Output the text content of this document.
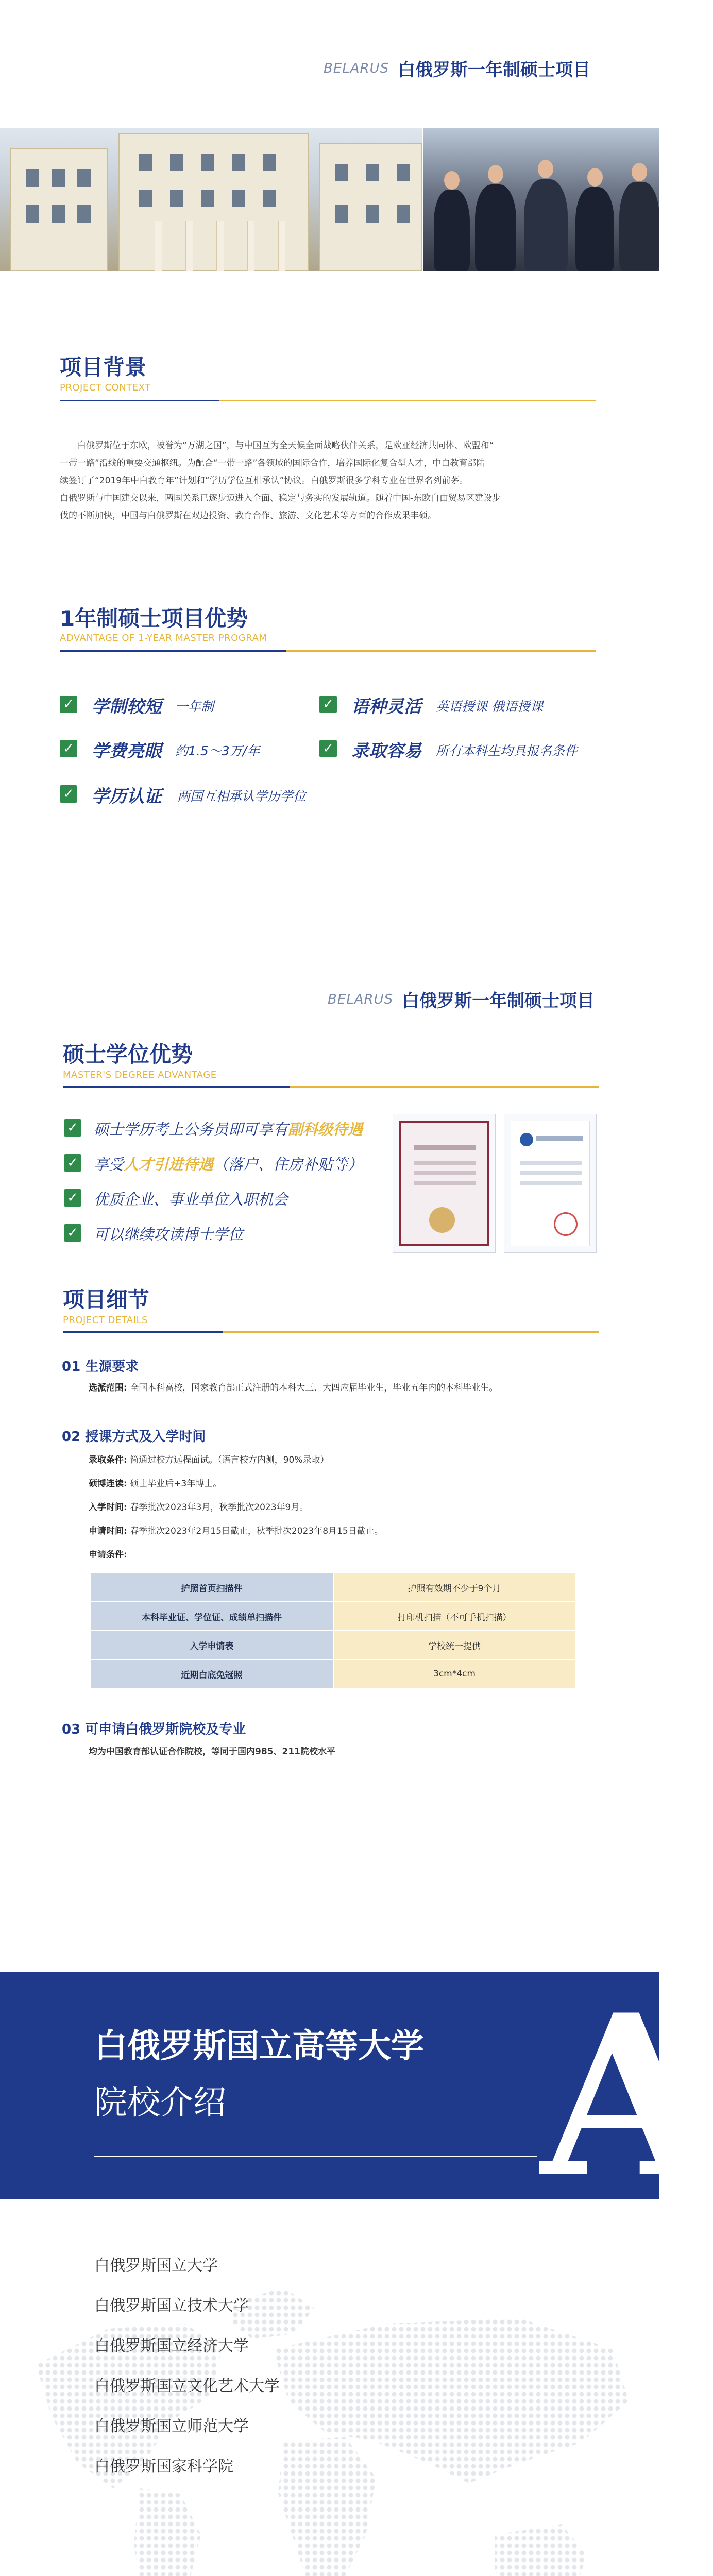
BELARUS 白俄罗斯一年制硕士项目
项目背景
PROJECT CONTEXT
白俄罗斯位于东欧，被誉为“万湖之国”，与中国互为全天候全面战略伙伴关系，是欧亚经济共同体、欧盟和“
一带一路”沿线的重要交通枢纽。为配合“一带一路”各领域的国际合作，培养国际化复合型人才，中白教育部陆
续签订了“2019年中白教育年”计划和“学历学位互相承认”协议。白俄罗斯很多学科专业在世界名列前茅。
白俄罗斯与中国建交以来，两国关系已逐步迈进入全面、稳定与务实的发展轨道。随着中国-东欧自由贸易区建设步
伐的不断加快，中国与白俄罗斯在双边投资、教育合作、旅游、文化艺术等方面的合作成果丰硕。
1年制硕士项目优势
ADVANTAGE OF 1-YEAR MASTER PROGRAM
✓ 学制较短 一年制	✓ 语种灵活 英语授课 俄语授课
✓ 学费亮眼 约1.5～3万/年	✓ 录取容易 所有本科生均具报名条件
✓ 学历认证 两国互相承认学历学位
BELARUS 白俄罗斯一年制硕士项目
硕士学位优势
MASTER'S DEGREE ADVANTAGE
✓ 硕士学历考上公务员即可享有副科级待遇
✓ 享受人才引进待遇（落户、住房补贴等）
✓ 优质企业、事业单位入职机会
✓ 可以继续攻读博士学位
项目细节
PROJECT DETAILS
01 生源要求
选派范围: 全国本科高校，国家教育部正式注册的本科大三、大四应届毕业生，毕业五年内的本科毕业生。
02 授课方式及入学时间
录取条件: 简通过校方远程面试。（语言校方内测，90%录取）
硕博连读: 硕士毕业后+3年博士。
入学时间: 春季批次2023年3月，秋季批次2023年9月。
申请时间: 春季批次2023年2月15日截止，秋季批次2023年8月15日截止。
申请条件:
护照首页扫描件	护照有效期不少于9个月
本科毕业证、学位证、成绩单扫描件	打印机扫描（不可手机扫描）
入学申请表	学校统一提供
近期白底免冠照	3cm*4cm
03 可申请白俄罗斯院校及专业
均为中国教育部认证合作院校，等同于国内985、211院校水平
白俄罗斯国立高等大学
院校介绍 A
白俄罗斯国立大学
白俄罗斯国立技术大学
白俄罗斯国立经济大学
白俄罗斯国立文化艺术大学
白俄罗斯国立师范大学
白俄罗斯国家科学院
